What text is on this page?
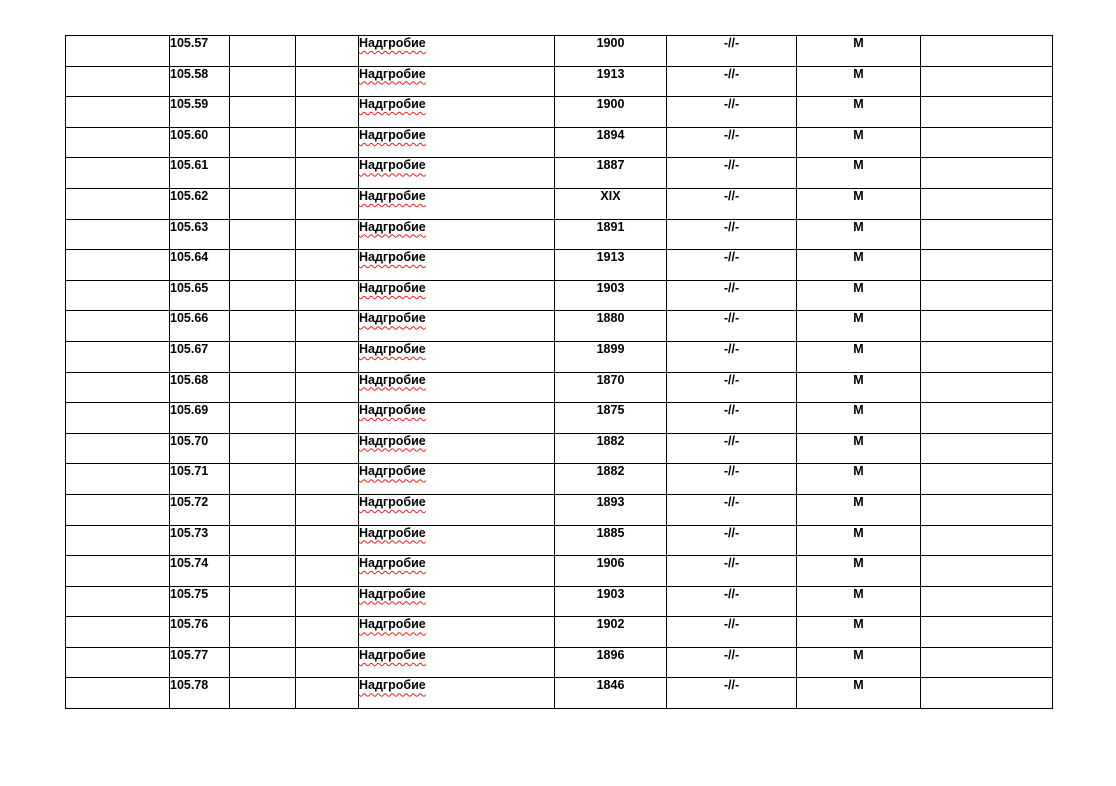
	105.57			Надгробие	1900	-//-	М	
	105.58			Надгробие	1913	-//-	М	
	105.59			Надгробие	1900	-//-	М	
	105.60			Надгробие	1894	-//-	М	
	105.61			Надгробие	1887	-//-	М	
	105.62			Надгробие	XIX	-//-	М	
	105.63			Надгробие	1891	-//-	М	
	105.64			Надгробие	1913	-//-	М	
	105.65			Надгробие	1903	-//-	М	
	105.66			Надгробие	1880	-//-	М	
	105.67			Надгробие	1899	-//-	М	
	105.68			Надгробие	1870	-//-	М	
	105.69			Надгробие	1875	-//-	М	
	105.70			Надгробие	1882	-//-	М	
	105.71			Надгробие	1882	-//-	М	
	105.72			Надгробие	1893	-//-	М	
	105.73			Надгробие	1885	-//-	М	
	105.74			Надгробие	1906	-//-	М	
	105.75			Надгробие	1903	-//-	М	
	105.76			Надгробие	1902	-//-	М	
	105.77			Надгробие	1896	-//-	М	
	105.78			Надгробие	1846	-//-	М	
